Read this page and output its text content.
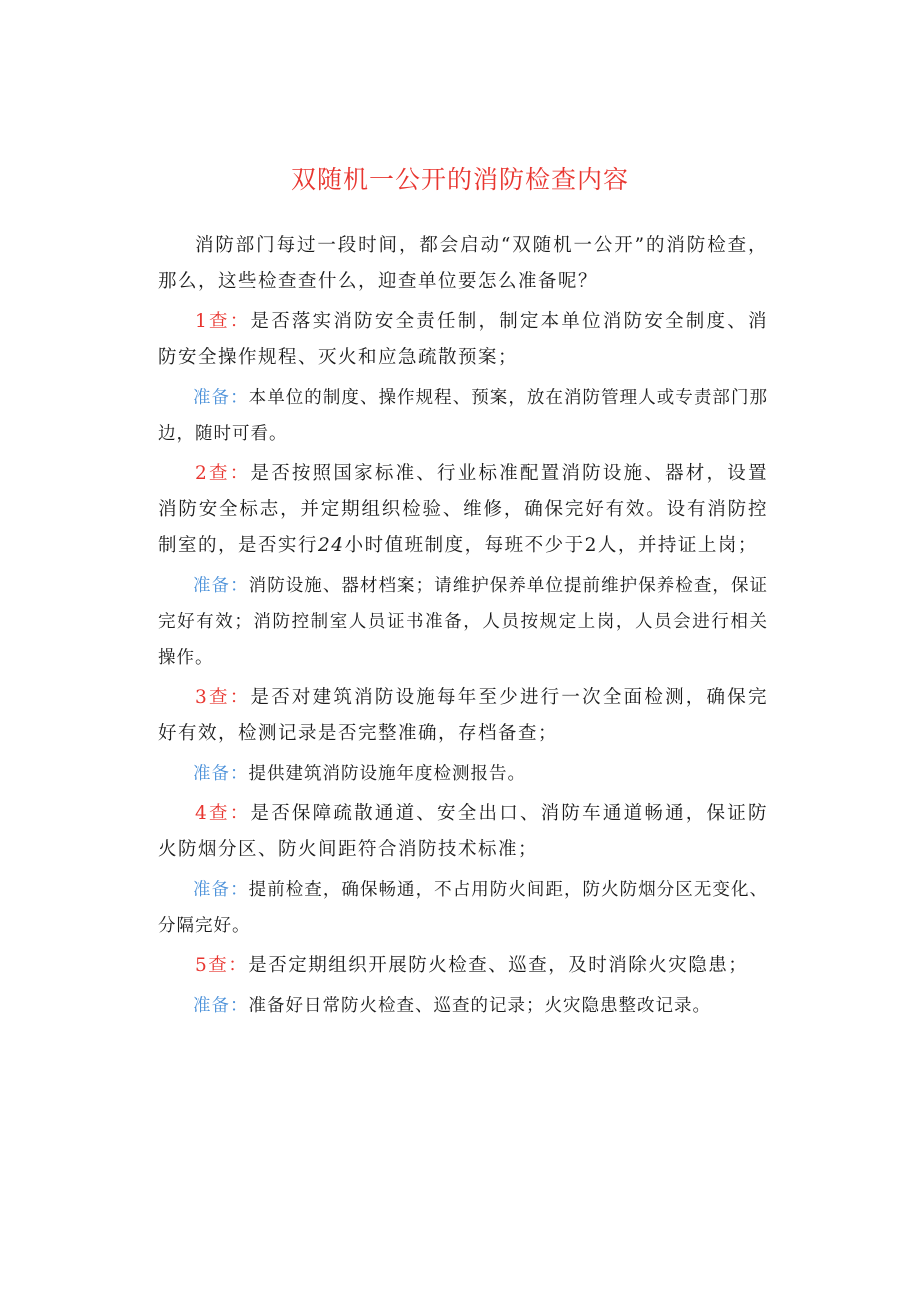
双随机一公开的消防检查内容

消防部门每过一段时间，都会启动“双随机一公开”的消防检查，那么，这些检查查什么，迎查单位要怎么准备呢？

1查：是否落实消防安全责任制，制定本单位消防安全制度、消防安全操作规程、灭火和应急疏散预案；

准备：本单位的制度、操作规程、预案，放在消防管理人或专责部门那边，随时可看。

2查：是否按照国家标准、行业标准配置消防设施、器材，设置消防安全标志，并定期组织检验、维修，确保完好有效。设有消防控制室的，是否实行24小时值班制度，每班不少于2人，并持证上岗；

准备：消防设施、器材档案；请维护保养单位提前维护保养检查，保证完好有效；消防控制室人员证书准备，人员按规定上岗，人员会进行相关操作。

3查：是否对建筑消防设施每年至少进行一次全面检测，确保完好有效，检测记录是否完整准确，存档备查；

准备：提供建筑消防设施年度检测报告。

4查：是否保障疏散通道、安全出口、消防车通道畅通，保证防火防烟分区、防火间距符合消防技术标准；

准备：提前检查，确保畅通，不占用防火间距，防火防烟分区无变化、分隔完好。

5查：是否定期组织开展防火检查、巡查，及时消除火灾隐患；

准备：准备好日常防火检查、巡查的记录；火灾隐患整改记录。
